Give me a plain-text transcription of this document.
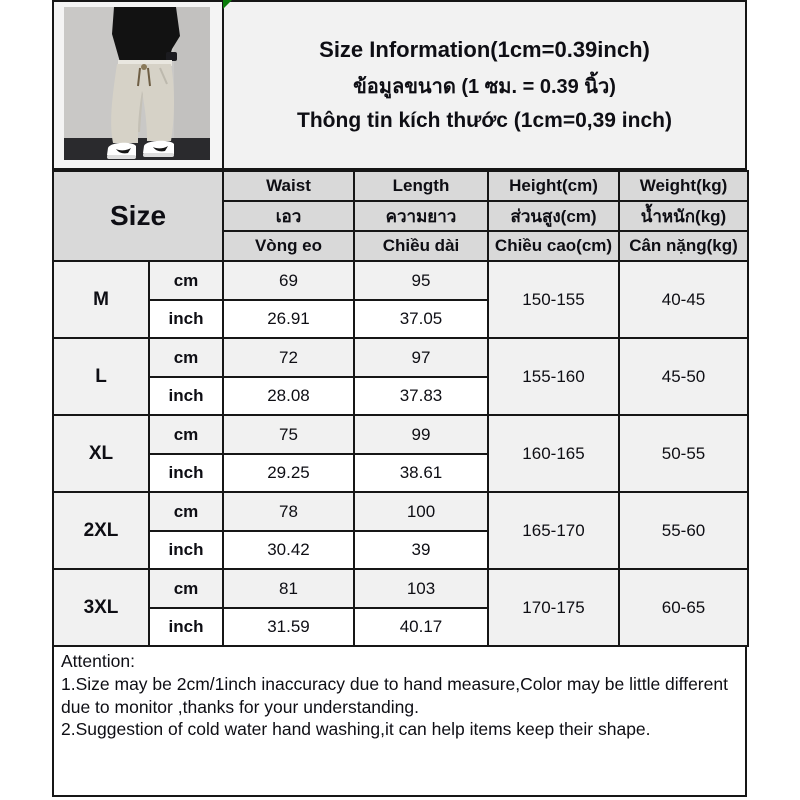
Size Information(1cm=0.39inch)
ข้อมูลขนาด (1 ซม. = 0.39 นิ้ว)
Thông tin kích thước (1cm=0,39 inch)
Size		Waist	Length	Height(cm)	Weight(kg)
		เอว	ความยาว	ส่วนสูง(cm)	น้ำหนัก(kg)
		Vòng eo	Chiều dài	Chiều cao(cm)	Cân nặng(kg)
M	cm	69	95	150-155	40-45
	inch	26.91	37.05		
L	cm	72	97	155-160	45-50
	inch	28.08	37.83		
XL	cm	75	99	160-165	50-55
	inch	29.25	38.61		
2XL	cm	78	100	165-170	55-60
	inch	30.42	39		
3XL	cm	81	103	170-175	60-65
	inch	31.59	40.17		
Attention:
1.Size may be 2cm/1inch inaccuracy due to hand measure,Color may be little different due to monitor ,thanks for your understanding.
2.Suggestion of cold water hand washing,it can help items keep their shape.
